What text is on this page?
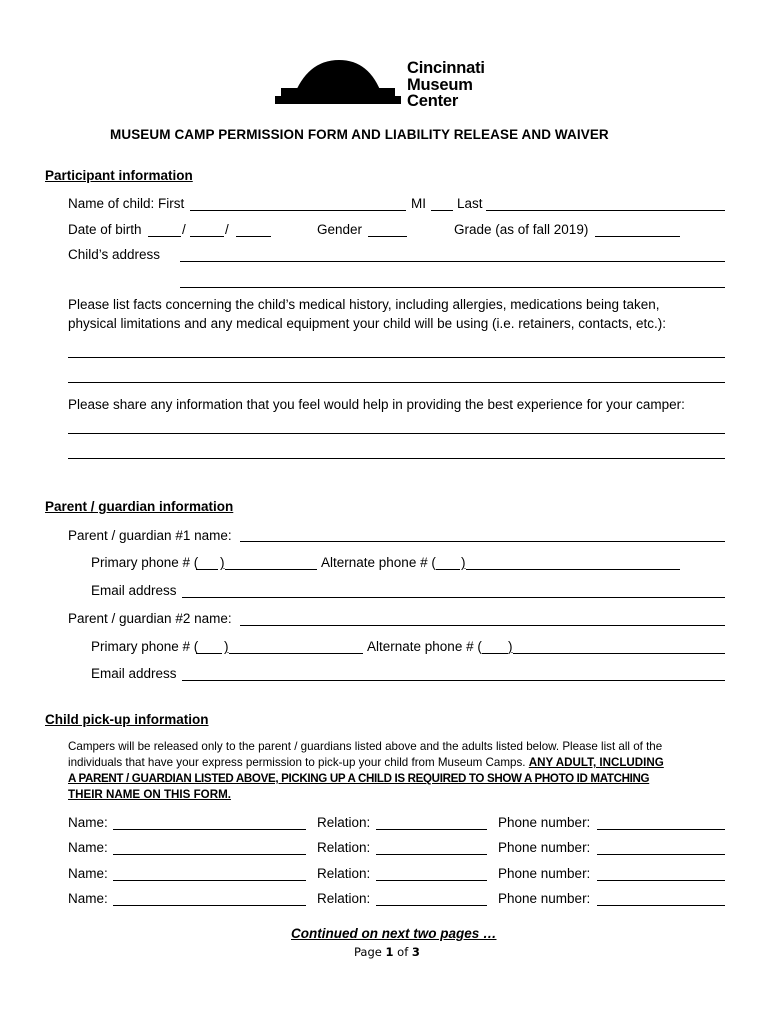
Cincinnati
Museum
Center
MUSEUM CAMP PERMISSION FORM AND LIABILITY RELEASE AND WAIVER
Participant information
Name of child: First	MI Last
Date of birth	/	/	Gender	Grade (as of fall 2019)
Child’s address
Please list facts concerning the child’s medical history, including allergies, medications being taken,
physical limitations and any medical equipment your child will be using (i.e. retainers, contacts, etc.):
Please share any information that you feel would help in providing the best experience for your camper:
Parent / guardian information
Parent / guardian #1 name:
Primary phone # ( )	Alternate phone # ( )
Email address
Parent / guardian #2 name:
Primary phone # ( )	Alternate phone # ( )
Email address
Child pick-up information
Campers will be released only to the parent / guardians listed above and the adults listed below. Please list all of the
individuals that have your express permission to pick-up your child from Museum Camps. ANY ADULT, INCLUDING
A PARENT / GUARDIAN LISTED ABOVE, PICKING UP A CHILD IS REQUIRED TO SHOW A PHOTO ID MATCHING
THEIR NAME ON THIS FORM.
Name:	Relation:	Phone number:
Name:	Relation:	Phone number:
Name:	Relation:	Phone number:
Name:	Relation:	Phone number:
Continued on next two pages …
Page 1 of 3
